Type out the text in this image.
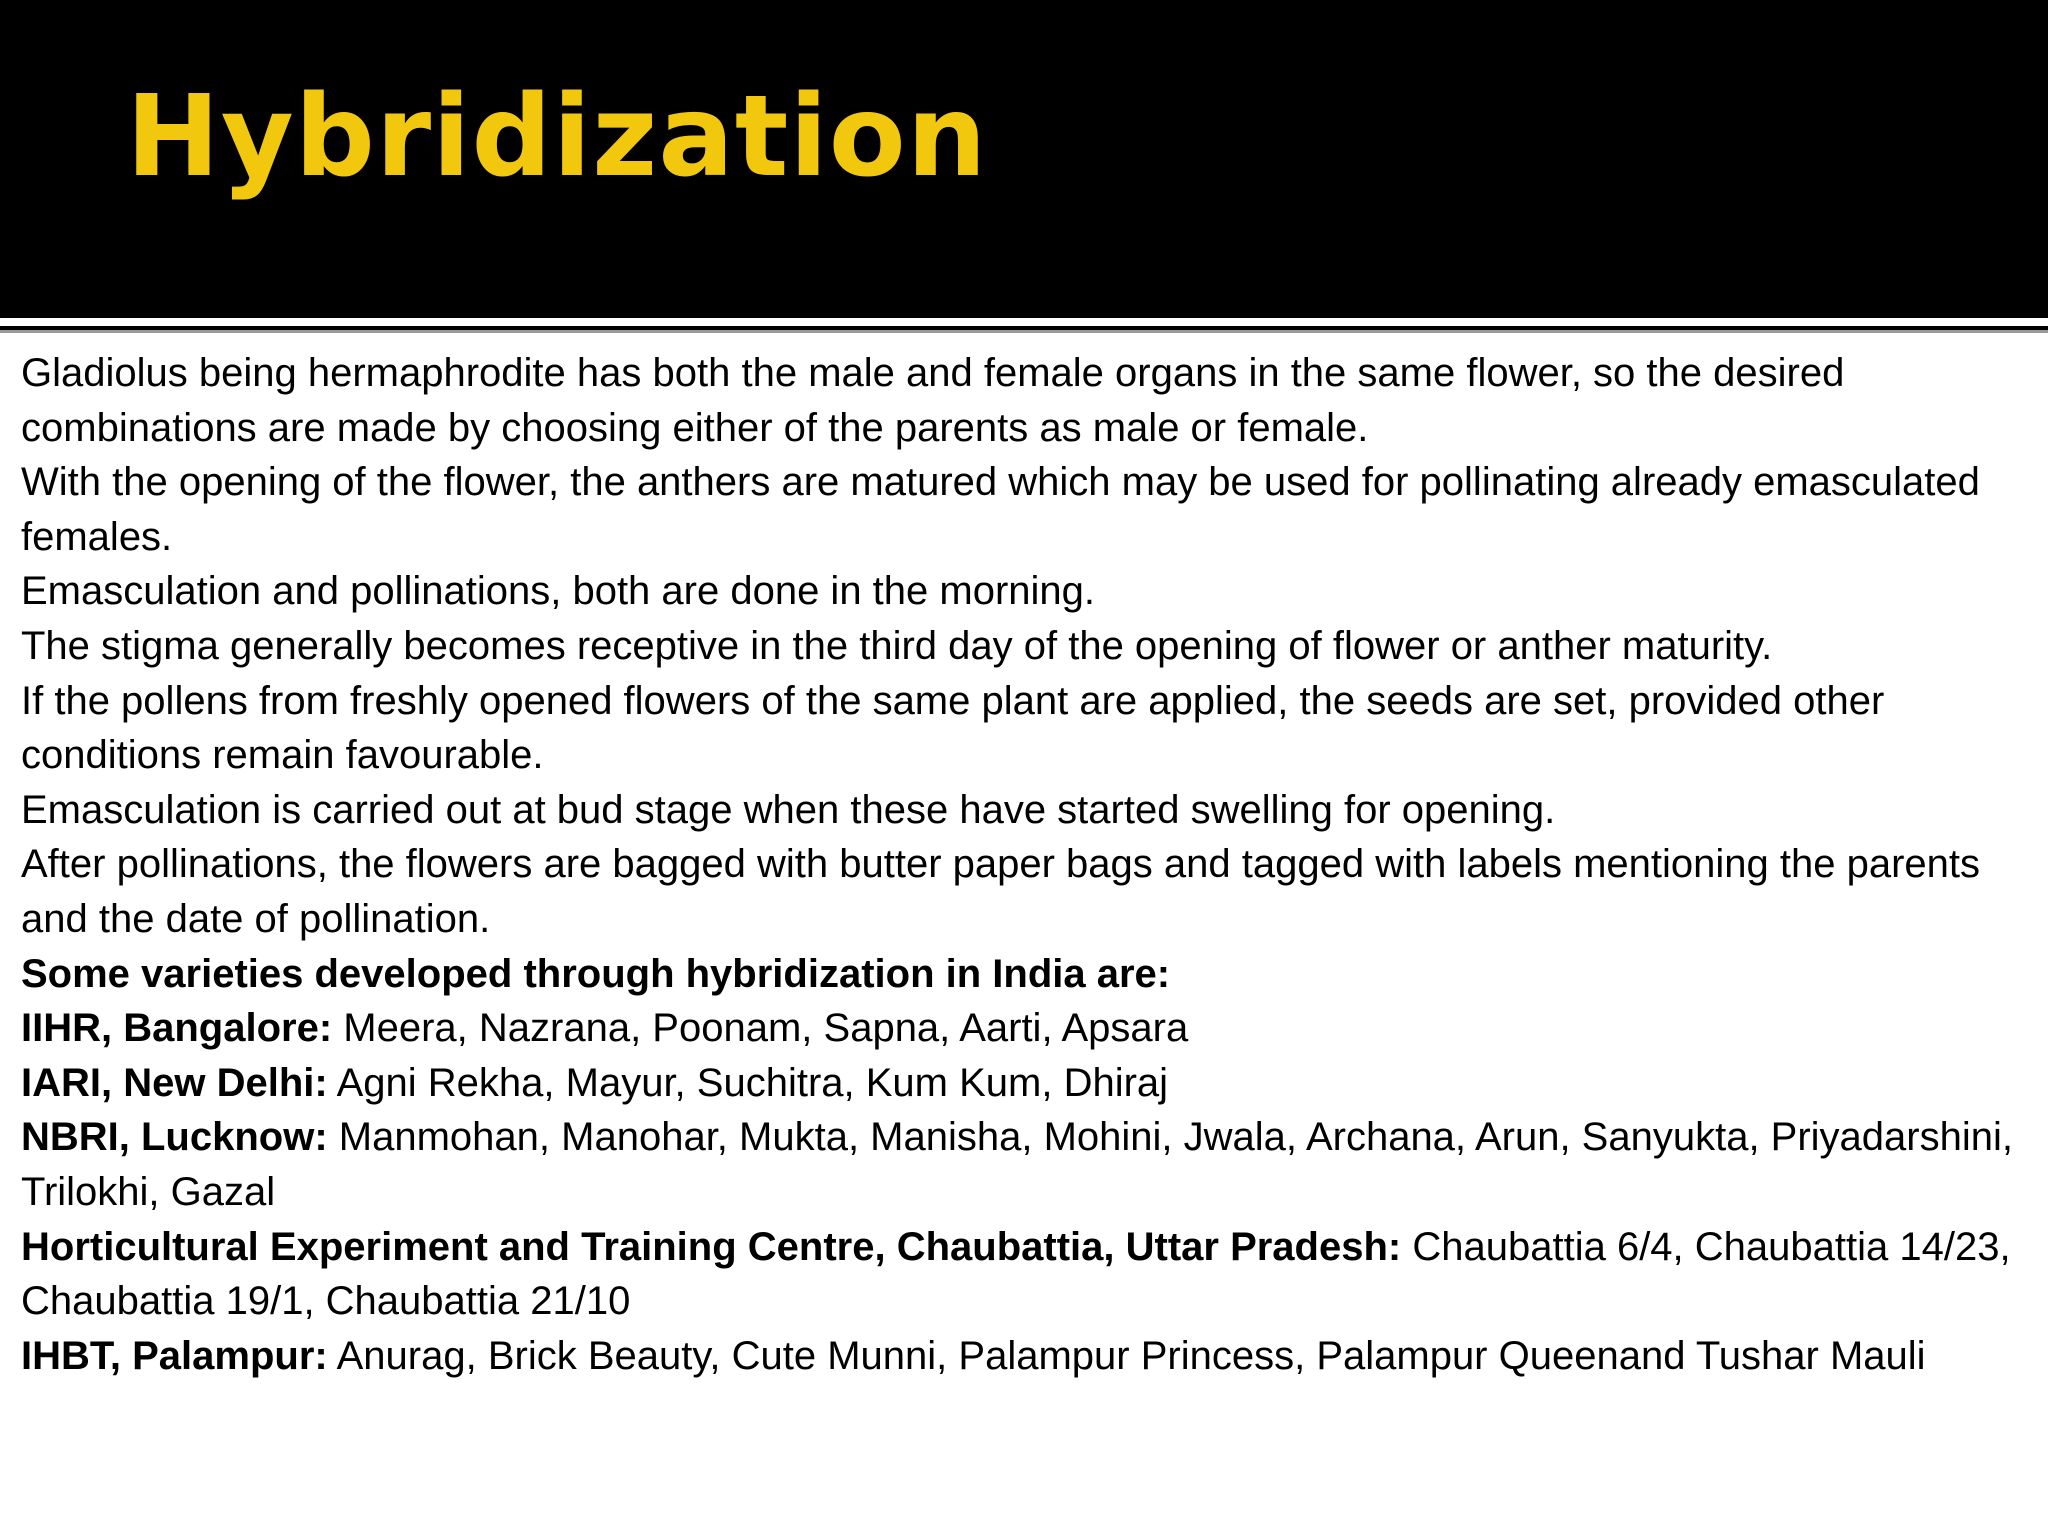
Hybridization

Gladiolus being hermaphrodite has both the male and female organs in the same flower, so the desired combinations are made by choosing either of the parents as male or female.

With the opening of the flower, the anthers are matured which may be used for pollinating already emasculated females.

Emasculation and pollinations, both are done in the morning.

The stigma generally becomes receptive in the third day of the opening of flower or anther maturity.

If the pollens from freshly opened flowers of the same plant are applied, the seeds are set, provided other conditions remain favourable.

Emasculation is carried out at bud stage when these have started swelling for opening.

After pollinations, the flowers are bagged with butter paper bags and tagged with labels mentioning the parents and the date of pollination.

Some varieties developed through hybridization in India are:

IIHR, Bangalore: Meera, Nazrana, Poonam, Sapna, Aarti, Apsara

IARI, New Delhi: Agni Rekha, Mayur, Suchitra, Kum Kum, Dhiraj

NBRI, Lucknow: Manmohan, Manohar, Mukta, Manisha, Mohini, Jwala, Archana, Arun, Sanyukta, Priyadarshini, Trilokhi, Gazal

Horticultural Experiment and Training Centre, Chaubattia, Uttar Pradesh: Chaubattia 6/4, Chaubattia 14/23, Chaubattia 19/1, Chaubattia 21/10

IHBT, Palampur: Anurag, Brick Beauty, Cute Munni, Palampur Princess, Palampur Queenand Tushar Mauli
